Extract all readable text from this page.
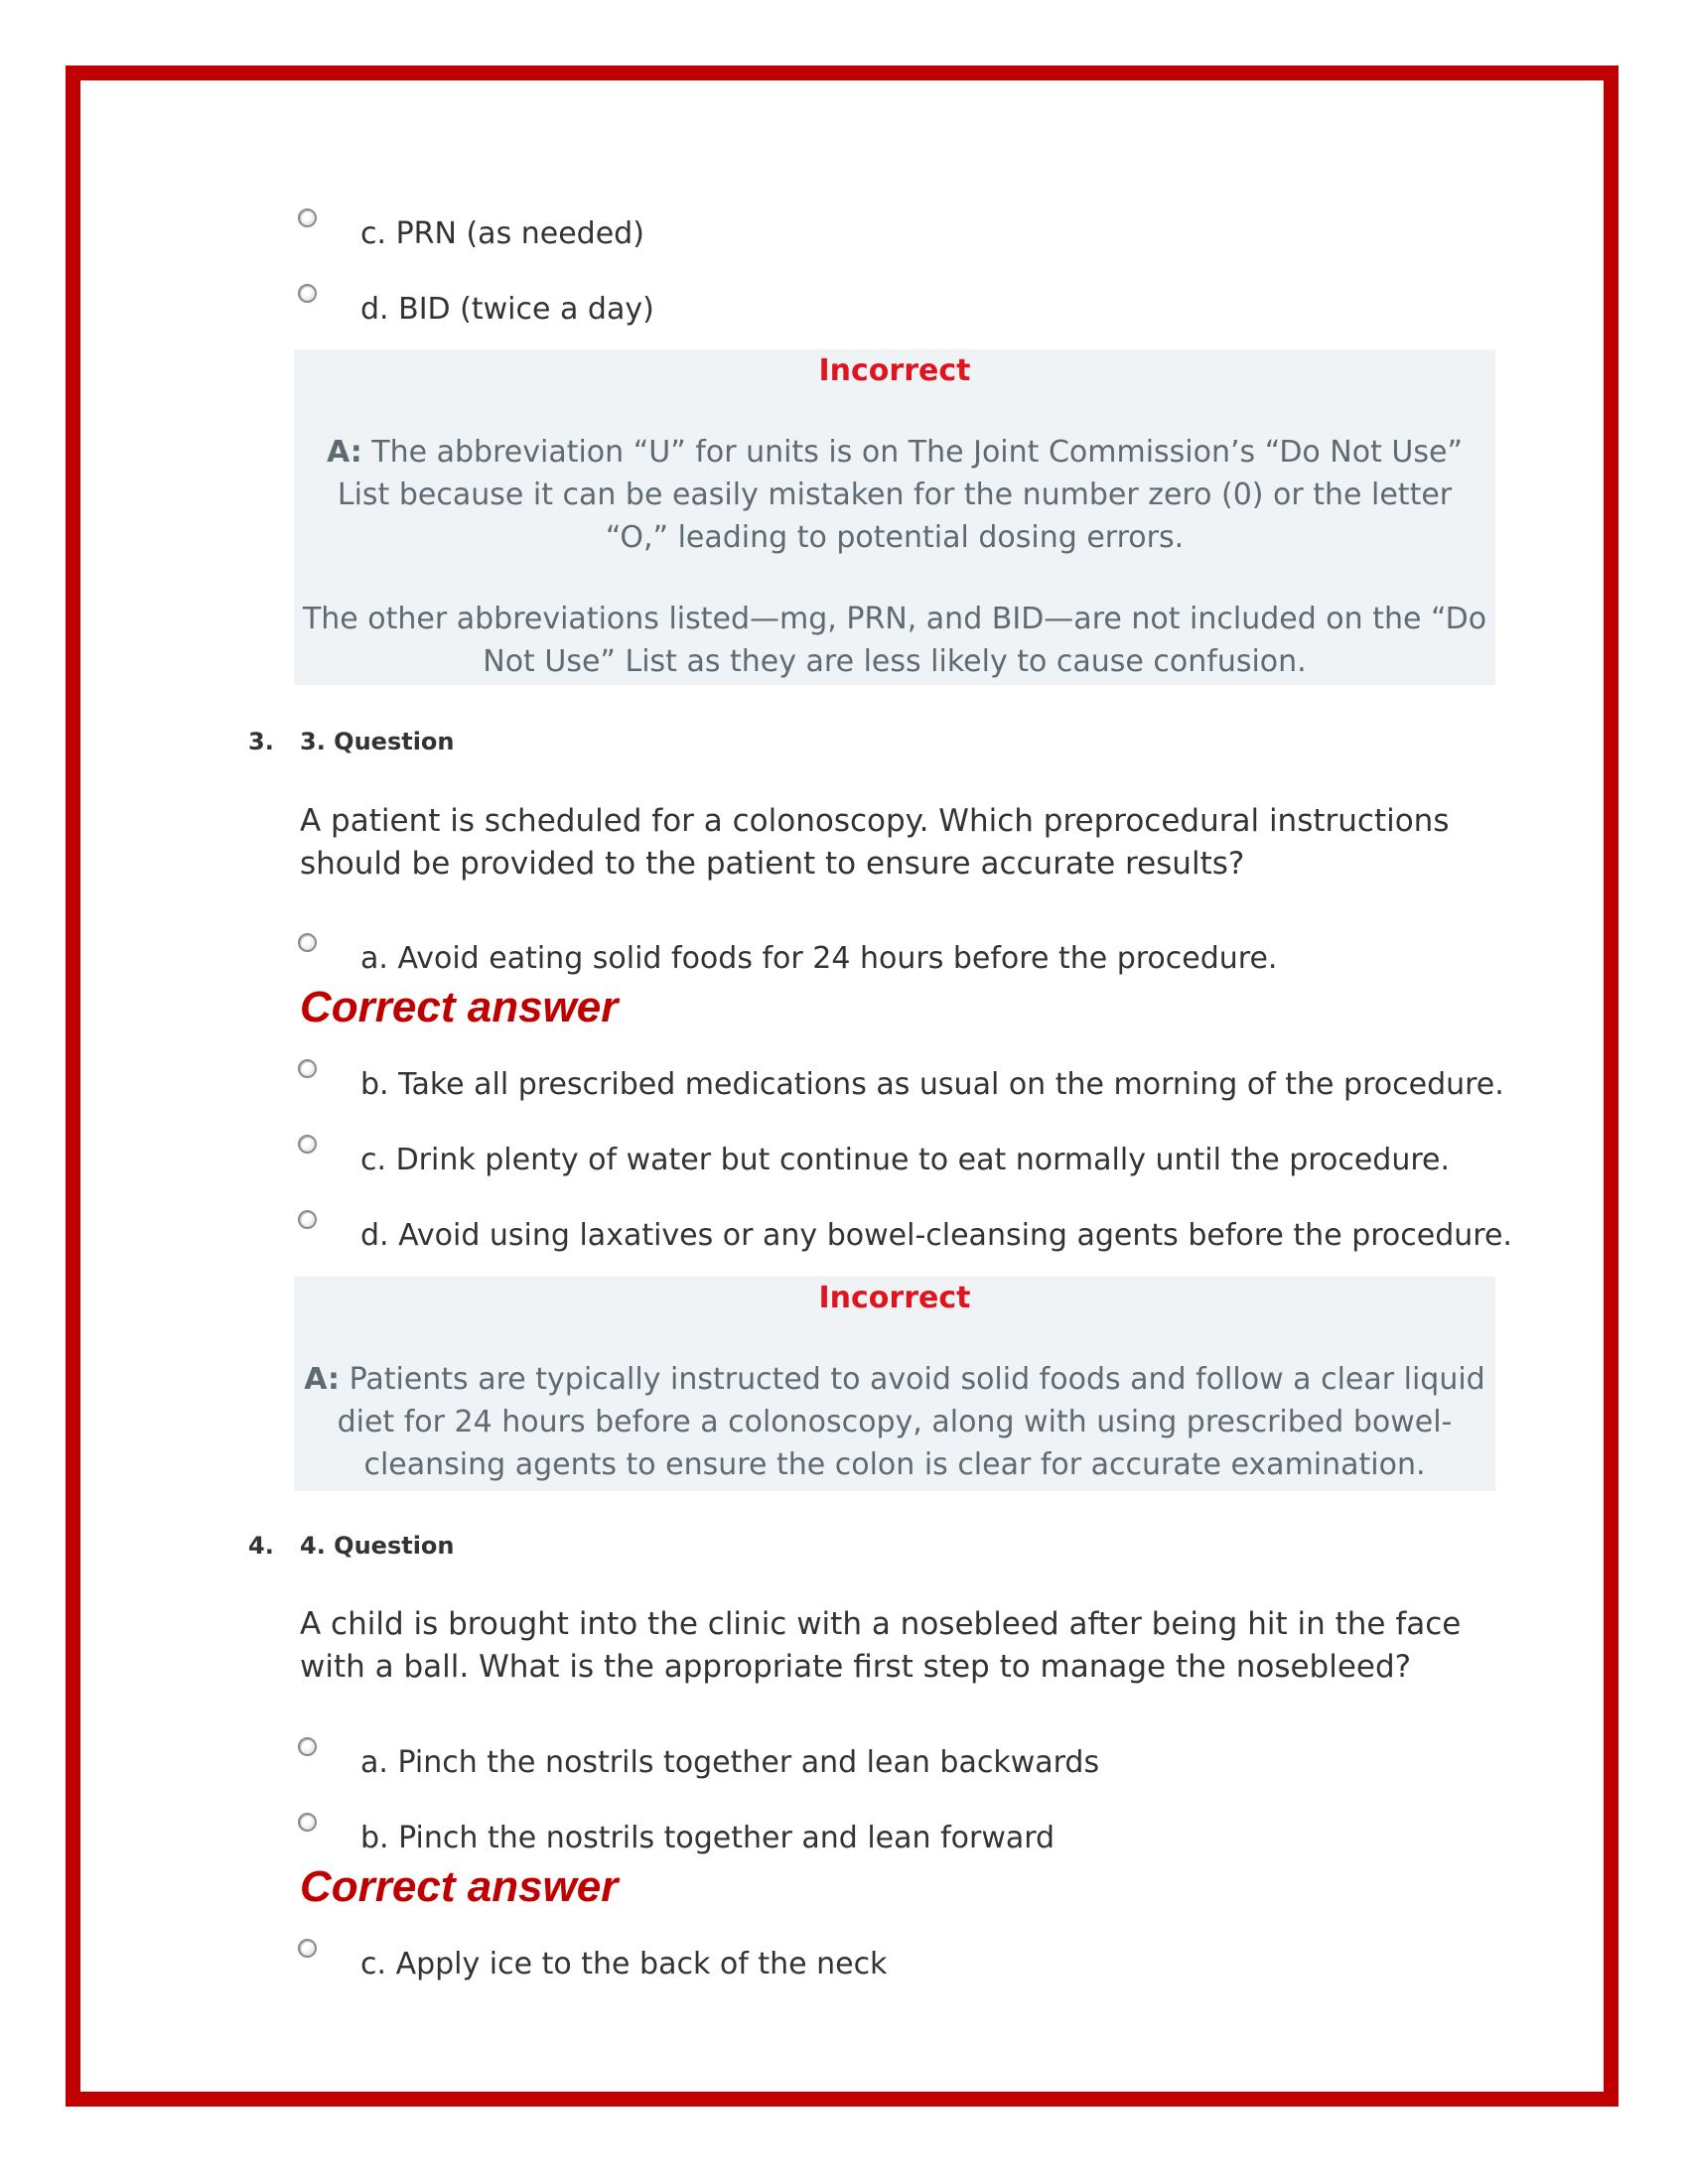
c. PRN (as needed)
d. BID (twice a day)

Incorrect

A: The abbreviation “U” for units is on The Joint Commission’s “Do Not Use” List because it can be easily mistaken for the number zero (0) or the letter “O,” leading to potential dosing errors.

The other abbreviations listed—mg, PRN, and BID—are not included on the “Do Not Use” List as they are less likely to cause confusion.

3. 3. Question
A patient is scheduled for a colonoscopy. Which preprocedural instructions should be provided to the patient to ensure accurate results?
a. Avoid eating solid foods for 24 hours before the procedure.
Correct answer
b. Take all prescribed medications as usual on the morning of the procedure.
c. Drink plenty of water but continue to eat normally until the procedure.
d. Avoid using laxatives or any bowel-cleansing agents before the procedure.

Incorrect

A: Patients are typically instructed to avoid solid foods and follow a clear liquid diet for 24 hours before a colonoscopy, along with using prescribed bowel-cleansing agents to ensure the colon is clear for accurate examination.

4. 4. Question
A child is brought into the clinic with a nosebleed after being hit in the face with a ball. What is the appropriate first step to manage the nosebleed?
a. Pinch the nostrils together and lean backwards
b. Pinch the nostrils together and lean forward
Correct answer
c. Apply ice to the back of the neck
